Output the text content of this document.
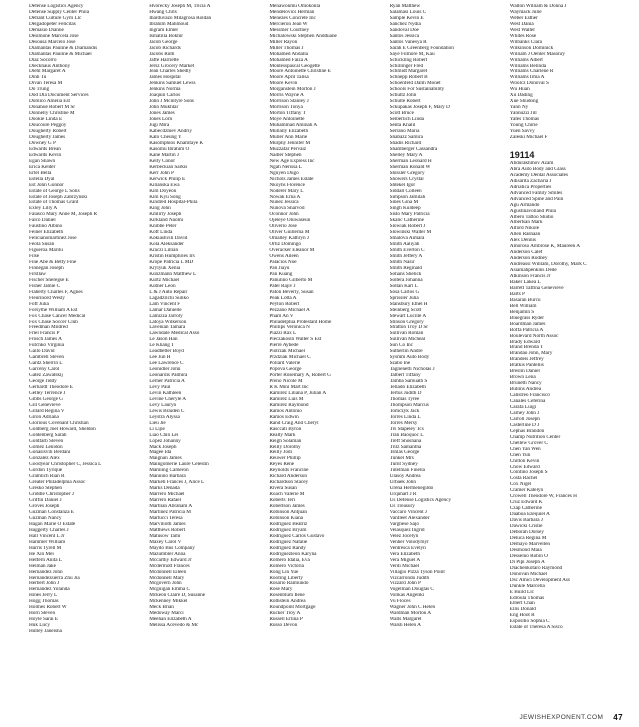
Defense Logistics Agency
Defense Supply Center Phila
Defiant Culture Gym Llc
Delgadopeter Felicitas
Demasio Dianne
Desimone Marcela Jose
Desousa Marcelo Jose
Diamantas Pauline & Diamandis
Diamantas Pauline & Michael
Diaz Socorro
Dieckhaus Anthony
Diehl Margaret A
Dinh Tu
Divan Teresa M
Do Trung
Dod Dla Document Services
Domico Amelia Est
Donahue Robert M Sr
Donnelly Christine M
Dookie Linda E
Doucoure Peggoy
Dougherty Robert
Dougherty James
Downey G P
Edwards Brean
Edwards Kevin
Egan Shawn
Erica Kelder
Ertel Bella
Estella Dyal
Est John Gonnor
Estate of George L Solis
Estate of Joseph Zabrzynski
Estate of Thomas Grant
Exley Lilly A
Falasco Mary Anne M, Joseph R
Falco Daniel
Faustino Albino
Feiner Elizabeth
Felicianomartinez Jose
Feola Susan
Figueroa Marilu
Filse
Fine Abe & Betty Fine
Finnegan Joseph
Firstlaw
Fischer Sheregse E
Fisher Jamie C
Flaherty Charles F, Agnes
Fleurinord Wesly
Foff Julia
Forsythe William A Est
Fox Chase Cancer Medical
Fox Chase Soccer Club
Freedman Mildred
Friel Francis P
Frosch James A
Futchko Virginia
Gallo David
Gambrell Steven
Gantz Sherrin L
Garceny Carol
Gatez Zawatskij
George Jiddy
Gerhardt Theodore E
Getley Terrence J
Gibbs George G
Gill Genevieve
Gillard Regina V
Giron Adriana
Glorious Covenant Christian
Goldberg Joel Howard, Sheldon
Goldenberg Sarah
Goldfarb Steven
Gomez Lenidon
Gonaslsvili Berdani
Gonzalez Alex
Goodyear Christopher C, Jessica L
Gordon Tyrique
Gramlich Rian R
Greater Philadelphia Assoc
Gresko Stephen
Griddle Christopher J
Griffin Daniel J
Groves Joseph
Guzman Constanza E
Guzman Nancy
Hagan Marie O Estate
Haggerty Charles J
Hall Vincent L Jr
Hammer William
Harris Tyrell M
He Xin Mei
Heffern Anita L
Heiman Jake
Hernandez John
Hernandezsierra Zhu Jia
Herbert John J
Hernandez Yolanda
Hines Jerry L
Hogg Thomas
Holmes Robert W
Horn Steven
Hoyle Sarai E
Huk Lucy
Hutley Janeisha
Hvorecky Joseph M, Tricia A
Hwang Chris
Ibarduvazo Milagrosa Roldan
Ibrahim Mahmoud
Ingram Elmer
Ismatilla Bokhir
Jacob George
Jacob Richards
Jacobs Ruth
Jaffe Harriette
Jersz Grocery Market
Jean Charles Shedly
James Hospital
Jenkins Samuel Lewis
Jenkins Norma
Joaquin Carlos
John J Mcintyre Sons
John Mukhtar
Jones James
Jones Lorn
Jugi Mira
Kabecdzhiev Andriy
Kato Cheung Y
Kasomphios Khamfaye K
Kasomu Ibrahim O
Kane Martin J
Kelly Conor
Kerbeckian Sarkis
Kerr John P
Kerwick Philip E
Kilianska Ewa
Kim Doyeon
Kim Kyu Song
Kindred Hospital-Phila
King John
Kmlirry Joseph
Kirkland Naomi
Knibbe Peter
Koff Linda
Kokiashvili David
Kola Aleksander
Kraczi Lillian
Kristin Humphries Irs
Krope Patricia L MD
Krylyuk Xenia
Kunzmann Matthew L
Kurtz Michael
Kutner Leon
L & J Auto Repair
Lagadzrichi Suliko
Lam Vincent F
Lamar Danielle
Lamizza Jarroly
Latoya Wilkerson
Lavenian Tamara
Lawndale Medical Asso
Le Jason Han
Le Khang T
Leadbetter Boyd
Lee Jun H
Lee Lawrence C
Leonidler John
Leonardis Palmira
Lerner Patricia A
Levy Paul
Levin Kathleen
Levine Cheryle A
Levy Lauryn
Lewis Braiden C
Leystra Alyssa
Lieu Jie
Li Lijie
Liao Chin Lei
Lopez Johanny
Mack Joseph
Magee Ida
Maignan James
Maingomerie Laure Celestin
Mamiing Cameron
Mannino Barbara
Marketi Frances J, Alice L
Marks Denada
Marrero Michael
Marrero Rafael
Martlian Abraham A
Martinez Patricia M
Martucci Teresa
Marviliotti James
Matthews Robert
Matusow Tami
Maxey Carol V
Maydo Bus Company
Mazumbler Anna
Mccarthy Edward Jr
Mcdermott Frances
Mcdonnell Eileen
Mcdonnell Mary
Mcgovern John
Mcguigan Emma C
Mckeon Claire D, Susanne
Mckenney Mikkel
Meck Brian
Medoway Marci
Meehan Elizabeth A
Melissa Acevedo & Mc
Menawonmu Omokonla
Mendelovics Herman
Menezes Concrete Inc
Mercieron Jean W
Messmer Courtney
Michalowski Stephen Andduane
Miller Rayon
Miller Thomas J
Mohamed Abdalla
Mohamed Faiza A
Montesspascal Geogette
Moore Antoinette Christine E
Moore April Talisa
Moore Kevin
Morganstein Morton J
Morris Wayne A
Morrison Stanley J
Morrison Tonya
Morton Tiffany T
Moye Antoinette
Muhammad Aminah A
Mullally Elizabeth
Muller Ann Marie
Murphy Jennifer M
Muzzafar Pervaiz
Nadler Stephen
New Age Express Inc
Ngah Nerissa L
Nguyen Dugo
Nichols James Estate
Nkoyhs Florence
Noderer Mary L
Nowak Erna A
Nunez Jessica
Nunova Sharvod
Oconnor John
Ojeleye Oluwaseun
Oliverio Jose
Oliver Guillerna M
Omalley Kathryn J
Ortiz Domingo
Overacker Eleanor M
Owens Aileen
Palacios Noe
Pan Jiayu
Pan Kuang
Panulino Gilberto M
Patel Rajiv J
Paton Beverly, Susan
Peak Lotta A
Peyton Robert
Pezzano Michael A
Pham An V
Philadelphia Protestant Home
Phillips Veronica N
Piazzi Rax L
Pieczakosin Walter S Est
Pierre Aybede
Piotrzak Michael
Przdziak Michael C
Pollard Valerie
Popova George
Porter Rosemary A, Robert G
Preno Nicole M
R K Mini Mart Inc
Ramirez Liliana P, Julian A
Ramirez Luis M
Ramirez Raymond
Ramos Antonio
Ramos Edwin
Rand Craig And Cheryl
Rasccati Byron
Realty Mark
Reigh Solaman
Reilly Dorothy
Reilly Jodi
Reuwer Phillip
Reyes Rene
Reynolds Francine
Richard Anderson
Richardson Stacey
Rivera Susan
Roach Valerie M
Roberts Teri
Robertson James
Robinson Antjuan
Robinson Kiana
Rodriguez Beatriz
Rodriguez Bryam
Rodriguez Carlos Gustavo
Rodriguez Natalie
Rodriguez Randy
Rodriguezleon Karyna
Romero Idalia, Eva
Romero Victoria
Rong Lin Yue
Roofing Liberty
Rosario Raimundo
Rose Mary
Rosenblum Ilene
Rothstein Andrea
Roundpoint Mortgage
Rucker Troy A
Russell Erlina P
Russo Devon
Ryan Matthew
Salamasi Louis C
Sample Kevin E
Sanchez Nydia
Sandoval Doe
Santos Jessica
Santos Vanesya R
Sarah E Greenberg Foundation
Saye Filmore M, Kau
Schickling Robert
Schillinger Fred
Schmidt Margaret
Schnepp Robert B
Schoenfeld Dalih Monet
Schools For Sustainability
Schultz John
Schulte Robert
Sckupakas Joseph F, Mary D
Scott Bruce
Seiberlich Linda
Senta Khalil
Serrano Maria
Shabazz Samira
Shadis Richard
Shamberger Cassandra
Shelley Mary A
Sherman Leonard H
Sherman Ronald W
Shissler Gregory
Showers Crystal
Shtekel Igor
Siddall Colleen
Simpson Jamilah
Sines Gina M
Singh Kuldeep
Sisto Mary Patricia
Skalic Catherine
Slowiak Robert J
Slowinski Walter M
Smalova Aimara
Smith Aaliyah
Smith Everton C
Smith Jeffery A
Smith Nasir
Smith Reginald
Sohans Shelick
Soltera Johanna
Soltan Karl L
Sosa Carlos G
Sprissler Julia
Stansbury Ethel H
Steinberg Scott
Stewart Lucille A
Stinson Gregory
Stratton Troy D Sr
Sullivan Roman
Sullivan Micheal
Sun Co Inc
Sutherlin Andre
Sysmm Auto Body
Szabo Ine
Taglienetti Nicholas J
Talbert Tiffany
Tamba Samuath S
Tellado Elizabeth
Tertus Judith D
Thomas Tyree
Thompson Marcus
Tomczyk Jack
Torres Linda L
Torres Mersy
Trs Stapeley Tcs
Tran Baoquoc L
Treff Shoshana
Trilz Samantha
Tshlas George
Tunkel Mrs
Turnt Sydney
Tutelman Finella
Ulasoy Andrea
Urbaek John
Urena Hermenegildo
Urquhart J R
Us Defense Logistics Agency
Us Treasury
Vaccaro Vincent J
Vanfleet Alexander
Varghese Sajo
Velasquez Ingrid
Velez Jocelyn
Venher Volodymyr
Ventresca Evelyn
Vera Elizabeth
Vera Miguel A
Verdi Michael
Villagio Pizza Tyson Point
Vizcarrondo Judith
Vizzard John P
Vogelman Douglas C
Volikas Angeliki
Vu Floces
Wagner John C Helen
Waldman Morton A
Walls Margaret
Walsh Helen A
Walton William & Donna J
Waymack Julie
Weber Esther
West Dania
West Walter
Whites Rose
Wilbanks Clara
Wilkinson Dominick
William J Oehler Masonry
Williams Albert
Williams Belinda
Williams Charlene R
Williams Irma A
Woolcz Donoval S
Wu Huan
Xu Dading
Xue Shudong
Yann Ny
Yannuzzi Jill
Yates Thomas
Young Chirie
Yuen Savvy
Zaleski Michael F
19114
Abdurakhmov Azam
Abra Auto Body and Glass
Academy Dental Associates
Adisarita Zacharia J
Adriatica Properties
Advanced Family Smiles
Advanced Spine and Pain
Agu Armando
Agustinavolland Phila
Albero Tattoo Studio
Albertsan Mark
Alford Nikole
Allen Rashaan
Alex Dennis
Amoroso Ambrose K, Maureen A
Anderson Calef
Anderson Rodney
Andreassi William, Dorothy, Mark C
Asiamahpenkins Dede
Atkinson Francis Jr
Baker Lakea L
Barrett Taffina Genevieve
Barts P
Basaran Burcu
Bell William
Benjamin S
Bluegrass Ryder
Boardman James
Boffa Patricia A
Boulevard North Assoc
Brady Edward
Brand Brenda T
Brandao John, Mary
Brandeis Jeffrey
Bratkis Panteliis
Breslin Daniel
Brown Lena
Brunetti Nancy
Bullins Andrea
Calistreo Francisco
Canales Ceferina
Carafa Luigi
Carney John J
Carroll Joseph
Casterline D J
Cephas Brandon
Champ Nutrition Center
Chellew Grover C
Chen Yan Wen
Chen Yun
Chilton Kevin
Chow Edward
Cointino Joseph S
Costa Rachel
Cox Nigel
Cramer Katelyn
Crowell Theodore W, Frances H
Cruz Edward K
Czap Catherine
Daaboa Ezequiel A
Davis Barbara J
Dawicki Cristie
Deborah Dorsey
Deluca Regina M
Demayo Marvellen
Desmond Maia
Desselno Robin O
Di Pipi Joseph A
Diachenkofaro Raymond
Donovan Michael
Dsc Amici Development Ass
Dunkle Marcella
E Build Llc
Edroula Thomas
Elbert Chan
Ellis Donald
Eng Hoot R
Espositio Sophia C
Estate of Theresa A Sisco
JEWISHEXPONENT.COM 47
